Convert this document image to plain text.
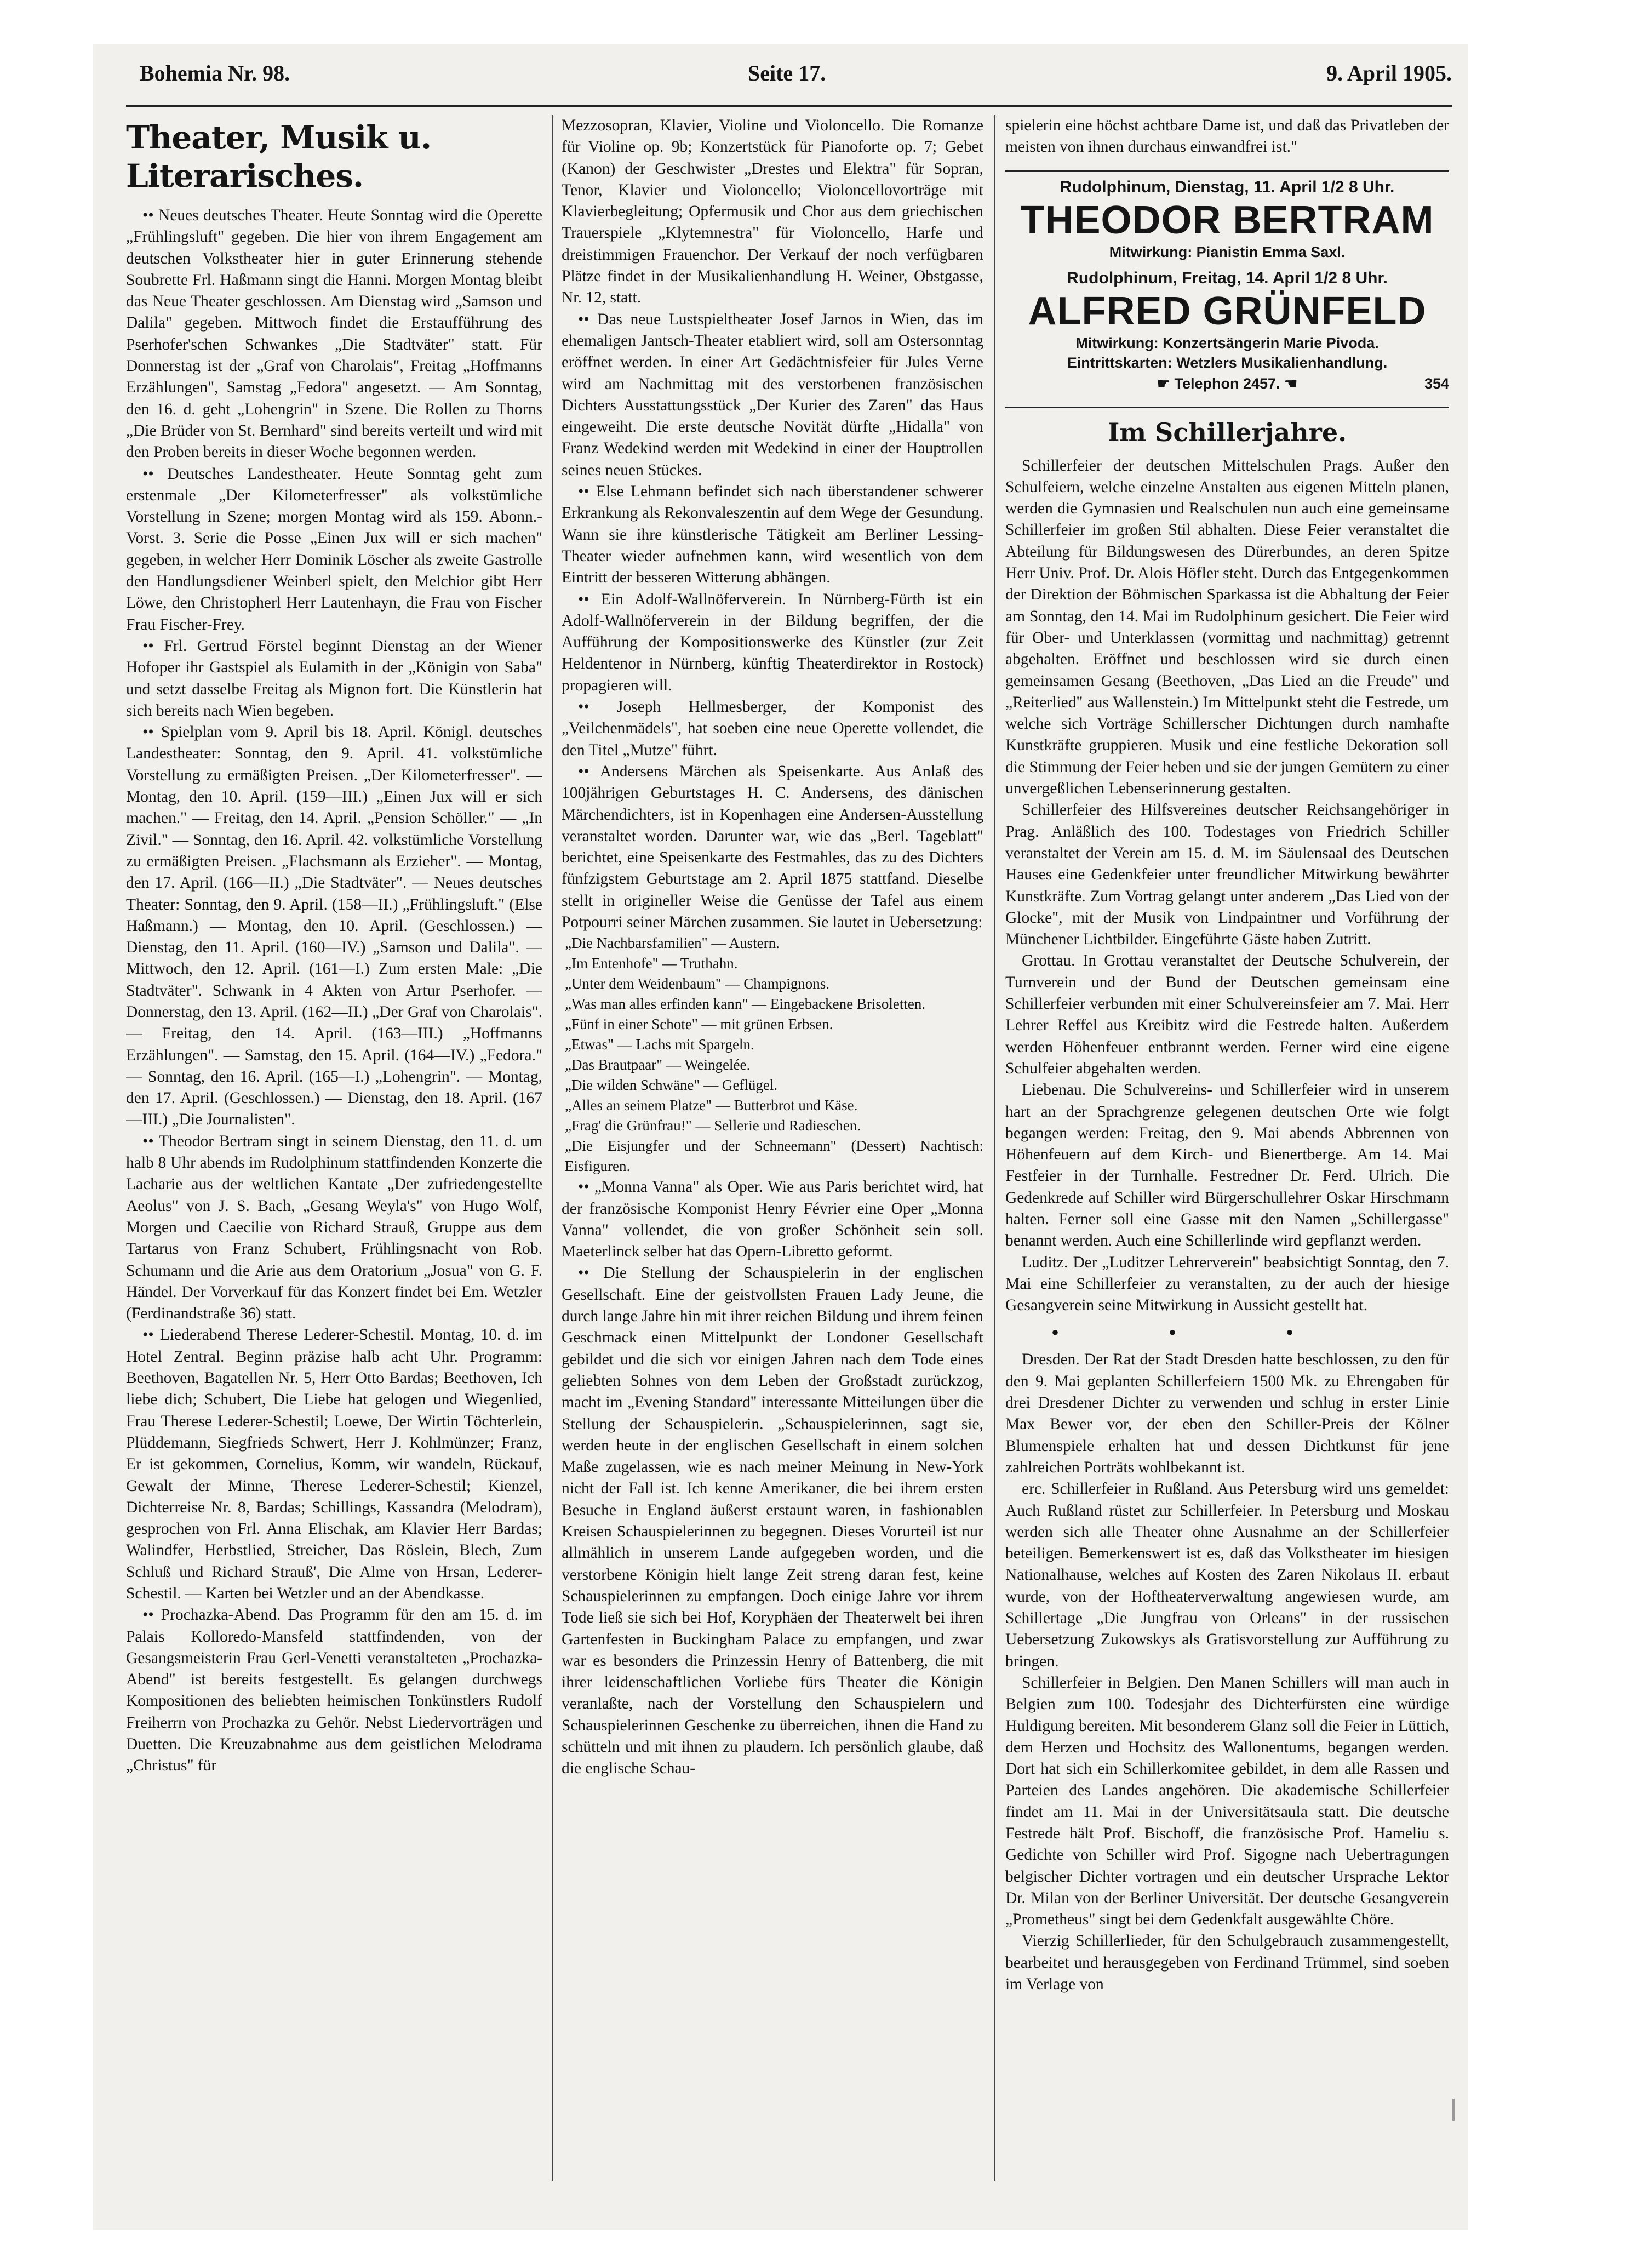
Bohemia Nr. 98.	Seite 17.	9. April 1905.
Theater, Musik u. Literarisches.

•• Neues deutsches Theater. Heute Sonntag wird die Operette „Frühlingsluft" gegeben. Die hier von ihrem Engagement am deutschen Volkstheater hier in guter Erinnerung stehende Soubrette Frl. Haßmann singt die Hanni. Morgen Montag bleibt das Neue Theater geschlossen. Am Dienstag wird „Samson und Dalila" gegeben. Mittwoch findet die Erstaufführung des Pserhofer'schen Schwankes „Die Stadtväter" statt. Für Donnerstag ist der „Graf von Charolais", Freitag „Hoffmanns Erzählungen", Samstag „Fedora" angesetzt. — Am Sonntag, den 16. d. geht „Lohengrin" in Szene. Die Rollen zu Thorns „Die Brüder von St. Bernhard" sind bereits verteilt und wird mit den Proben bereits in dieser Woche begonnen werden.

•• Deutsches Landestheater. Heute Sonntag geht zum erstenmale „Der Kilometerfresser" als volkstümliche Vorstellung in Szene; morgen Montag wird als 159. Abonn.-Vorst. 3. Serie die Posse „Einen Jux will er sich machen" gegeben, in welcher Herr Dominik Löscher als zweite Gastrolle den Handlungsdiener Weinberl spielt, den Melchior gibt Herr Löwe, den Christopherl Herr Lautenhayn, die Frau von Fischer Frau Fischer-Frey.

•• Frl. Gertrud Förstel beginnt Dienstag an der Wiener Hofoper ihr Gastspiel als Eulamith in der „Königin von Saba" und setzt dasselbe Freitag als Mignon fort. Die Künstlerin hat sich bereits nach Wien begeben.

•• Spielplan vom 9. April bis 18. April. Königl. deutsches Landestheater: Sonntag, den 9. April. 41. volkstümliche Vorstellung zu ermäßigten Preisen. „Der Kilometerfresser". — Montag, den 10. April. (159—III.) „Einen Jux will er sich machen." — Freitag, den 14. April. „Pension Schöller." — „In Zivil." — Sonntag, den 16. April. 42. volkstümliche Vorstellung zu ermäßigten Preisen. „Flachsmann als Erzieher". — Montag, den 17. April. (166—II.) „Die Stadtväter". — Neues deutsches Theater: Sonntag, den 9. April. (158—II.) „Frühlingsluft." (Else Haßmann.) — Montag, den 10. April. (Geschlossen.) — Dienstag, den 11. April. (160—IV.) „Samson und Dalila". — Mittwoch, den 12. April. (161—I.) Zum ersten Male: „Die Stadtväter". Schwank in 4 Akten von Artur Pserhofer. — Donnerstag, den 13. April. (162—II.) „Der Graf von Charolais". — Freitag, den 14. April. (163—III.) „Hoffmanns Erzählungen". — Samstag, den 15. April. (164—IV.) „Fedora." — Sonntag, den 16. April. (165—I.) „Lohengrin". — Montag, den 17. April. (Geschlossen.) — Dienstag, den 18. April. (167—III.) „Die Journalisten".

•• Theodor Bertram singt in seinem Dienstag, den 11. d. um halb 8 Uhr abends im Rudolphinum stattfindenden Konzerte die Lacharie aus der weltlichen Kantate „Der zufriedengestellte Aeolus" von J. S. Bach, „Gesang Weyla's" von Hugo Wolf, Morgen und Caecilie von Richard Strauß, Gruppe aus dem Tartarus von Franz Schubert, Frühlingsnacht von Rob. Schumann und die Arie aus dem Oratorium „Josua" von G. F. Händel. Der Vorverkauf für das Konzert findet bei Em. Wetzler (Ferdinandstraße 36) statt.

•• Liederabend Therese Lederer-Schestil. Montag, 10. d. im Hotel Zentral. Beginn präzise halb acht Uhr. Programm: Beethoven, Bagatellen Nr. 5, Herr Otto Bardas; Beethoven, Ich liebe dich; Schubert, Die Liebe hat gelogen und Wiegenlied, Frau Therese Lederer-Schestil; Loewe, Der Wirtin Töchterlein, Plüddemann, Siegfrieds Schwert, Herr J. Kohlmünzer; Franz, Er ist gekommen, Cornelius, Komm, wir wandeln, Rückauf, Gewalt der Minne, Therese Lederer-Schestil; Kienzel, Dichterreise Nr. 8, Bardas; Schillings, Kassandra (Melodram), gesprochen von Frl. Anna Elischak, am Klavier Herr Bardas; Walindfer, Herbstlied, Streicher, Das Röslein, Blech, Zum Schluß und Richard Strauß', Die Alme von Hrsan, Lederer-Schestil. — Karten bei Wetzler und an der Abendkasse.

•• Prochazka-Abend. Das Programm für den am 15. d. im Palais Kolloredo-Mansfeld stattfindenden, von der Gesangsmeisterin Frau Gerl-Venetti veranstalteten „Prochazka-Abend" ist bereits festgestellt. Es gelangen durchwegs Kompositionen des beliebten heimischen Tonkünstlers Rudolf Freiherrn von Prochazka zu Gehör. Nebst Liedervorträgen und Duetten. Die Kreuzabnahme aus dem geistlichen Melodrama „Christus" für

Mezzosopran, Klavier, Violine und Violoncello. Die Romanze für Violine op. 9b; Konzertstück für Pianoforte op. 7; Gebet (Kanon) der Geschwister „Drestes und Elektra" für Sopran, Tenor, Klavier und Violoncello; Violoncellovorträge mit Klavierbegleitung; Opfermusik und Chor aus dem griechischen Trauerspiele „Klytemnestra" für Violoncello, Harfe und dreistimmigen Frauenchor. Der Verkauf der noch verfügbaren Plätze findet in der Musikalienhandlung H. Weiner, Obstgasse, Nr. 12, statt.

•• Das neue Lustspieltheater Josef Jarnos in Wien, das im ehemaligen Jantsch-Theater etabliert wird, soll am Ostersonntag eröffnet werden. In einer Art Gedächtnisfeier für Jules Verne wird am Nachmittag mit des verstorbenen französischen Dichters Ausstattungsstück „Der Kurier des Zaren" das Haus eingeweiht. Die erste deutsche Novität dürfte „Hidalla" von Franz Wedekind werden mit Wedekind in einer der Hauptrollen seines neuen Stückes.

•• Else Lehmann befindet sich nach überstandener schwerer Erkrankung als Rekonvaleszentin auf dem Wege der Gesundung. Wann sie ihre künstlerische Tätigkeit am Berliner Lessing-Theater wieder aufnehmen kann, wird wesentlich von dem Eintritt der besseren Witterung abhängen.

•• Ein Adolf-Wallnöferverein. In Nürnberg-Fürth ist ein Adolf-Wallnöferverein in der Bildung begriffen, der die Aufführung der Kompositionswerke des Künstler (zur Zeit Heldentenor in Nürnberg, künftig Theaterdirektor in Rostock) propagieren will.

•• Joseph Hellmesberger, der Komponist des „Veilchenmädels", hat soeben eine neue Operette vollendet, die den Titel „Mutze" führt.

•• Andersens Märchen als Speisenkarte. Aus Anlaß des 100jährigen Geburtstages H. C. Andersens, des dänischen Märchendichters, ist in Kopenhagen eine Andersen-Ausstellung veranstaltet worden. Darunter war, wie das „Berl. Tageblatt" berichtet, eine Speisenkarte des Festmahles, das zu des Dichters fünfzigstem Geburtstage am 2. April 1875 stattfand. Dieselbe stellt in origineller Weise die Genüsse der Tafel aus einem Potpourri seiner Märchen zusammen. Sie lautet in Uebersetzung:

„Die Nachbarsfamilien" — Austern.
„Im Entenhofe" — Truthahn.
„Unter dem Weidenbaum" — Champignons.
„Was man alles erfinden kann" — Eingebackene Brisoletten.
„Fünf in einer Schote" — mit grünen Erbsen.
„Etwas" — Lachs mit Spargeln.
„Das Brautpaar" — Weingelée.
„Die wilden Schwäne" — Geflügel.
„Alles an seinem Platze" — Butterbrot und Käse.
„Frag' die Grünfrau!" — Sellerie und Radieschen.
„Die Eisjungfer und der Schneemann" (Dessert) Nachtisch: Eisfiguren.

•• „Monna Vanna" als Oper. Wie aus Paris berichtet wird, hat der französische Komponist Henry Février eine Oper „Monna Vanna" vollendet, die von großer Schönheit sein soll. Maeterlinck selber hat das Opern-Libretto geformt.

•• Die Stellung der Schauspielerin in der englischen Gesellschaft. Eine der geistvollsten Frauen Lady Jeune, die durch lange Jahre hin mit ihrer reichen Bildung und ihrem feinen Geschmack einen Mittelpunkt der Londoner Gesellschaft gebildet und die sich vor einigen Jahren nach dem Tode eines geliebten Sohnes von dem Leben der Großstadt zurückzog, macht im „Evening Standard" interessante Mitteilungen über die Stellung der Schauspielerin. „Schauspielerinnen, sagt sie, werden heute in der englischen Gesellschaft in einem solchen Maße zugelassen, wie es nach meiner Meinung in New-York nicht der Fall ist. Ich kenne Amerikaner, die bei ihrem ersten Besuche in England äußerst erstaunt waren, in fashionablen Kreisen Schauspielerinnen zu begegnen. Dieses Vorurteil ist nur allmählich in unserem Lande aufgegeben worden, und die verstorbene Königin hielt lange Zeit streng daran fest, keine Schauspielerinnen zu empfangen. Doch einige Jahre vor ihrem Tode ließ sie sich bei Hof, Koryphäen der Theaterwelt bei ihren Gartenfesten in Buckingham Palace zu empfangen, und zwar war es besonders die Prinzessin Henry of Battenberg, die mit ihrer leidenschaftlichen Vorliebe fürs Theater die Königin veranlaßte, nach der Vorstellung den Schauspielern und Schauspielerinnen Geschenke zu überreichen, ihnen die Hand zu schütteln und mit ihnen zu plaudern. Ich persönlich glaube, daß die englische Schau-

spielerin eine höchst achtbare Dame ist, und daß das Privatleben der meisten von ihnen durchaus einwandfrei ist."

Rudolphinum, Dienstag, 11. April 1/2 8 Uhr.
THEODOR BERTRAM
Mitwirkung: Pianistin Emma Saxl.
Rudolphinum, Freitag, 14. April 1/2 8 Uhr.
ALFRED GRÜNFELD
Mitwirkung: Konzertsängerin Marie Pivoda.
Eintrittskarten: Wetzlers Musikalienhandlung.
☛ Telephon 2457. ☚	354
Im Schillerjahre.

Schillerfeier der deutschen Mittelschulen Prags. Außer den Schulfeiern, welche einzelne Anstalten aus eigenen Mitteln planen, werden die Gymnasien und Realschulen nun auch eine gemeinsame Schillerfeier im großen Stil abhalten. Diese Feier veranstaltet die Abteilung für Bildungswesen des Dürerbundes, an deren Spitze Herr Univ. Prof. Dr. Alois Höfler steht. Durch das Entgegenkommen der Direktion der Böhmischen Sparkassa ist die Abhaltung der Feier am Sonntag, den 14. Mai im Rudolphinum gesichert. Die Feier wird für Ober- und Unterklassen (vormittag und nachmittag) getrennt abgehalten. Eröffnet und beschlossen wird sie durch einen gemeinsamen Gesang (Beethoven, „Das Lied an die Freude" und „Reiterlied" aus Wallenstein.) Im Mittelpunkt steht die Festrede, um welche sich Vorträge Schillerscher Dichtungen durch namhafte Kunstkräfte gruppieren. Musik und eine festliche Dekoration soll die Stimmung der Feier heben und sie der jungen Gemütern zu einer unvergeßlichen Lebenserinnerung gestalten.

Schillerfeier des Hilfsvereines deutscher Reichsangehöriger in Prag. Anläßlich des 100. Todestages von Friedrich Schiller veranstaltet der Verein am 15. d. M. im Säulensaal des Deutschen Hauses eine Gedenkfeier unter freundlicher Mitwirkung bewährter Kunstkräfte. Zum Vortrag gelangt unter anderem „Das Lied von der Glocke", mit der Musik von Lindpaintner und Vorführung der Münchener Lichtbilder. Eingeführte Gäste haben Zutritt.

Grottau. In Grottau veranstaltet der Deutsche Schulverein, der Turnverein und der Bund der Deutschen gemeinsam eine Schillerfeier verbunden mit einer Schulvereinsfeier am 7. Mai. Herr Lehrer Reffel aus Kreibitz wird die Festrede halten. Außerdem werden Höhenfeuer entbrannt werden. Ferner wird eine eigene Schulfeier abgehalten werden.

Liebenau. Die Schulvereins- und Schillerfeier wird in unserem hart an der Sprachgrenze gelegenen deutschen Orte wie folgt begangen werden: Freitag, den 9. Mai abends Abbrennen von Höhenfeuern auf dem Kirch- und Bienertberge. Am 14. Mai Festfeier in der Turnhalle. Festredner Dr. Ferd. Ulrich. Die Gedenkrede auf Schiller wird Bürgerschullehrer Oskar Hirschmann halten. Ferner soll eine Gasse mit den Namen „Schillergasse" benannt werden. Auch eine Schillerlinde wird gepflanzt werden.

Luditz. Der „Luditzer Lehrerverein" beabsichtigt Sonntag, den 7. Mai eine Schillerfeier zu veranstalten, zu der auch der hiesige Gesangverein seine Mitwirkung in Aussicht gestellt hat.

•••

Dresden. Der Rat der Stadt Dresden hatte beschlossen, zu den für den 9. Mai geplanten Schillerfeiern 1500 Mk. zu Ehrengaben für drei Dresdener Dichter zu verwenden und schlug in erster Linie Max Bewer vor, der eben den Schiller-Preis der Kölner Blumenspiele erhalten hat und dessen Dichtkunst für jene zahlreichen Porträts wohlbekannt ist.

erc. Schillerfeier in Rußland. Aus Petersburg wird uns gemeldet: Auch Rußland rüstet zur Schillerfeier. In Petersburg und Moskau werden sich alle Theater ohne Ausnahme an der Schillerfeier beteiligen. Bemerkenswert ist es, daß das Volkstheater im hiesigen Nationalhause, welches auf Kosten des Zaren Nikolaus II. erbaut wurde, von der Hoftheaterverwaltung angewiesen wurde, am Schillertage „Die Jungfrau von Orleans" in der russischen Uebersetzung Zukowskys als Gratisvorstellung zur Aufführung zu bringen.

Schillerfeier in Belgien. Den Manen Schillers will man auch in Belgien zum 100. Todesjahr des Dichterfürsten eine würdige Huldigung bereiten. Mit besonderem Glanz soll die Feier in Lüttich, dem Herzen und Hochsitz des Wallonentums, begangen werden. Dort hat sich ein Schillerkomitee gebildet, in dem alle Rassen und Parteien des Landes angehören. Die akademische Schillerfeier findet am 11. Mai in der Universitätsaula statt. Die deutsche Festrede hält Prof. Bischoff, die französische Prof. Hameliu s. Gedichte von Schiller wird Prof. Sigogne nach Uebertragungen belgischer Dichter vortragen und ein deutscher Ursprache Lektor Dr. Milan von der Berliner Universität. Der deutsche Gesangverein „Prometheus" singt bei dem Gedenkfalt ausgewählte Chöre.

Vierzig Schillerlieder, für den Schulgebrauch zusammengestellt, bearbeitet und herausgegeben von Ferdinand Trümmel, sind soeben im Verlage von
